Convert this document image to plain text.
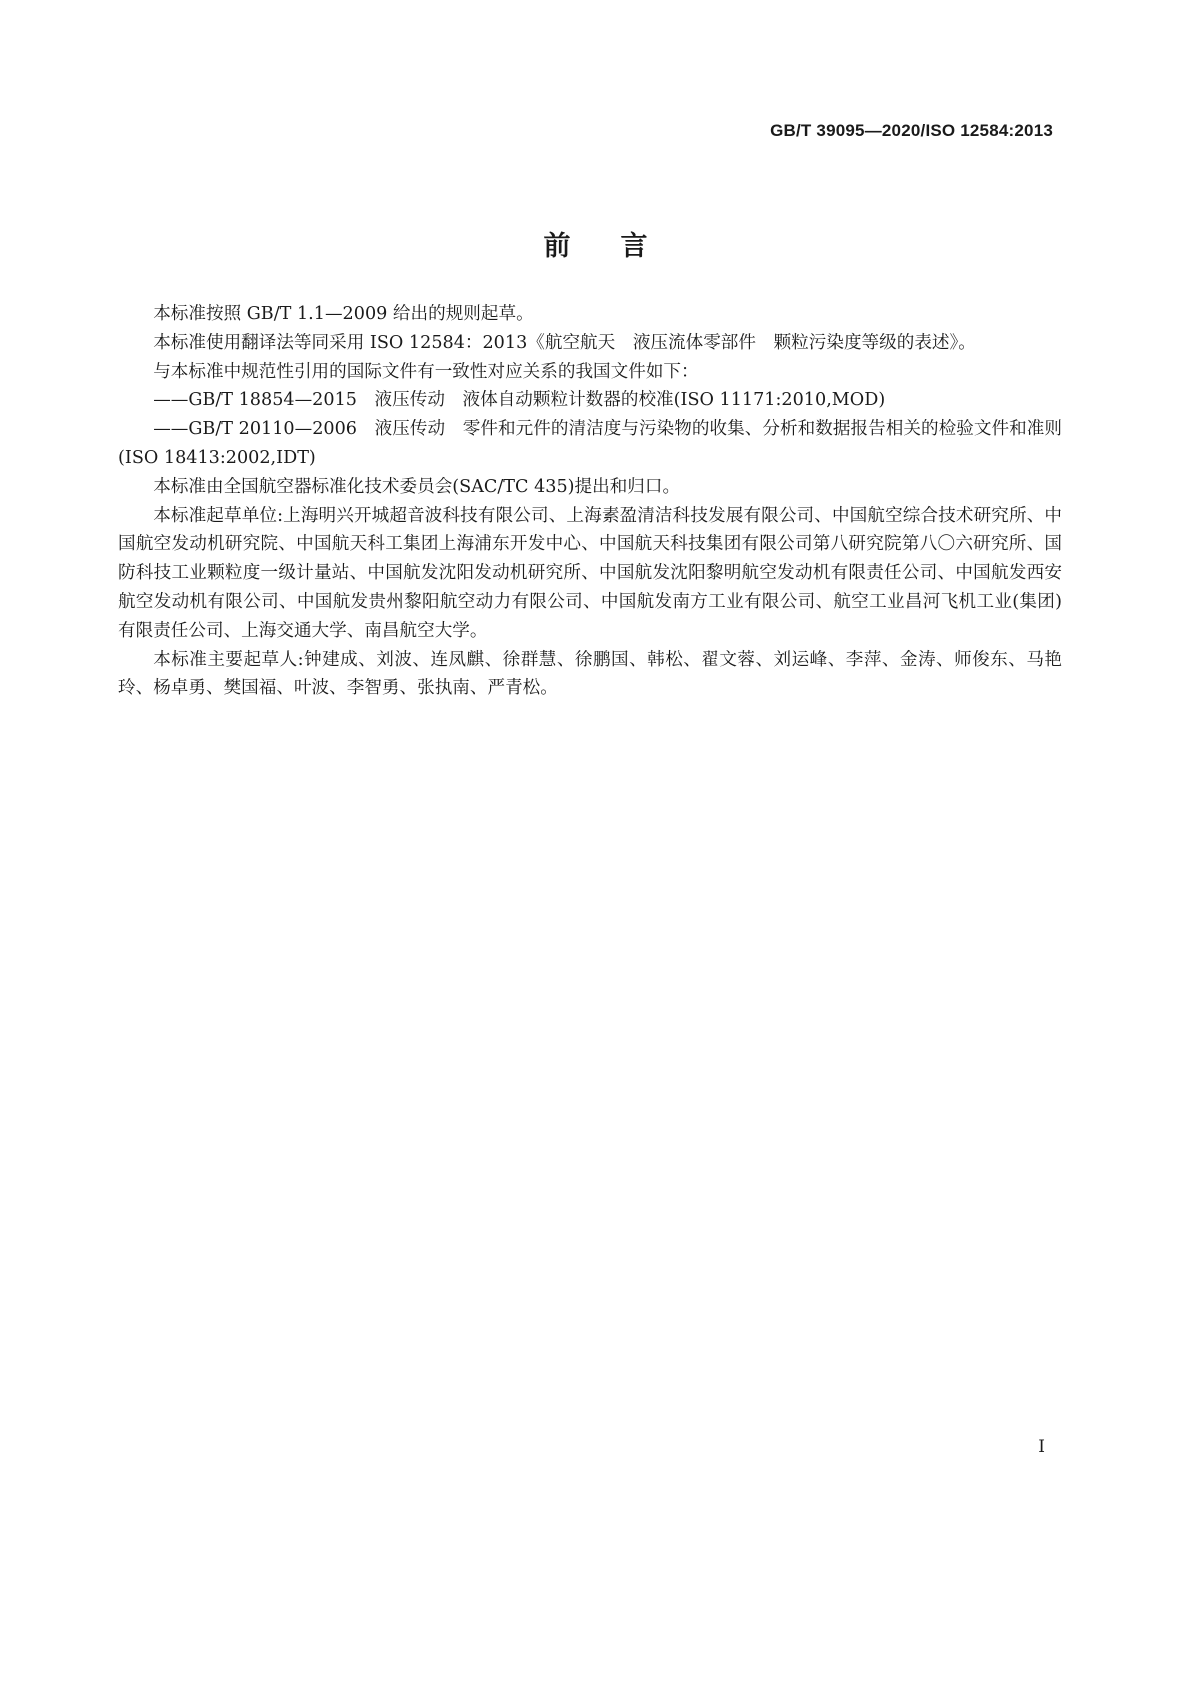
GB/T 39095—2020/ISO 12584:2013
前言

本标准按照 GB/T 1.1—2009 给出的规则起草。

本标准使用翻译法等同采用 ISO 12584：2013《航空航天　液压流体零部件　颗粒污染度等级的表述》。

与本标准中规范性引用的国际文件有一致性对应关系的我国文件如下：

——GB/T 18854—2015　液压传动　液体自动颗粒计数器的校准(ISO 11171:2010,MOD)

——GB/T 20110—2006　液压传动　零件和元件的清洁度与污染物的收集、分析和数据报告相关的检验文件和准则 (ISO 18413:2002,IDT)

本标准由全国航空器标准化技术委员会(SAC/TC 435)提出和归口。

本标准起草单位:上海明兴开城超音波科技有限公司、上海素盈清洁科技发展有限公司、中国航空综合技术研究所、中国航空发动机研究院、中国航天科工集团上海浦东开发中心、中国航天科技集团有限公司第八研究院第八〇六研究所、国防科技工业颗粒度一级计量站、中国航发沈阳发动机研究所、中国航发沈阳黎明航空发动机有限责任公司、中国航发西安航空发动机有限公司、中国航发贵州黎阳航空动力有限公司、中国航发南方工业有限公司、航空工业昌河飞机工业(集团)有限责任公司、上海交通大学、南昌航空大学。

本标准主要起草人:钟建成、刘波、连凤麒、徐群慧、徐鹏国、韩松、翟文蓉、刘运峰、李萍、金涛、师俊东、马艳玲、杨卓勇、樊国福、叶波、李智勇、张执南、严青松。

I
